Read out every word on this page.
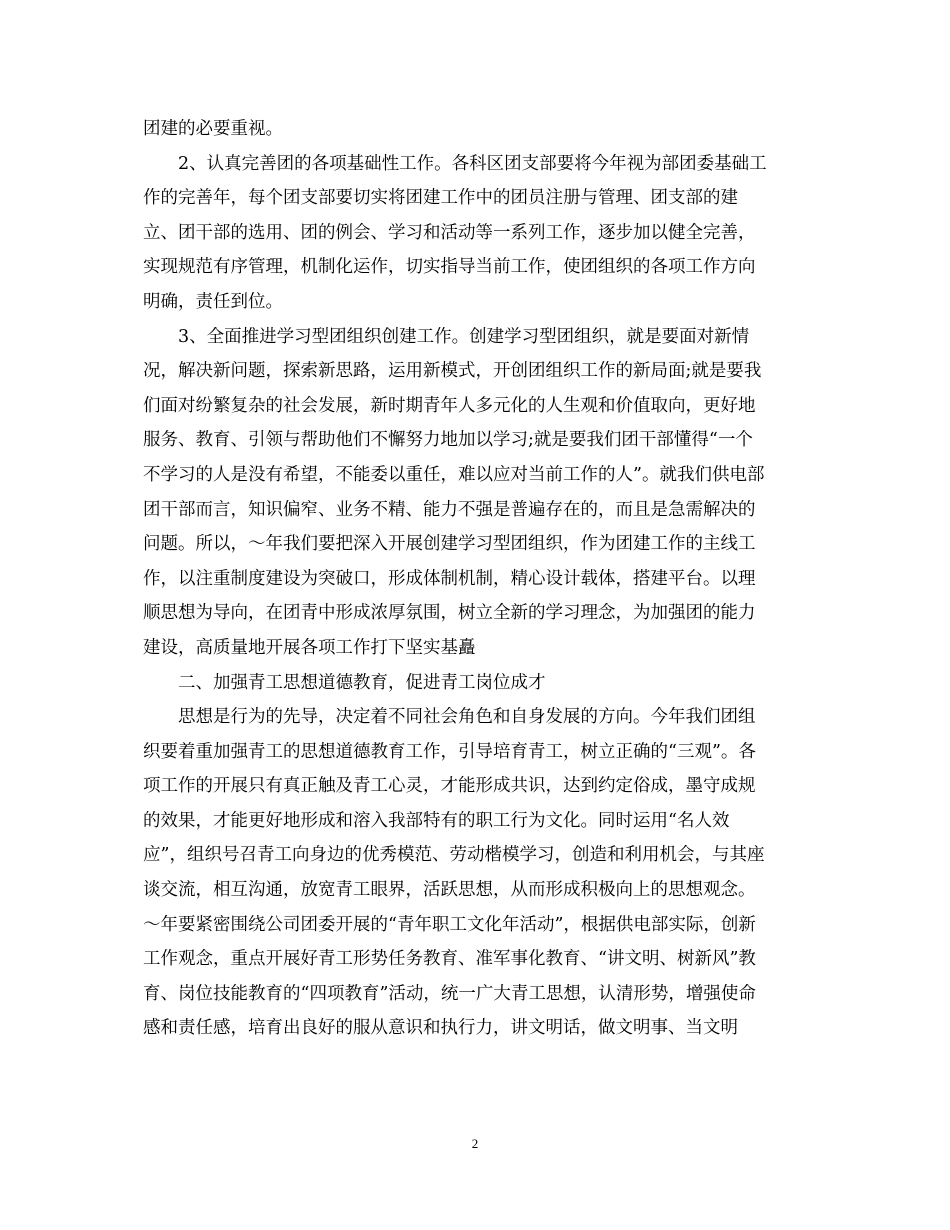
团建的必要重视。
2、认真完善团的各项基础性工作。各科区团支部要将今年视为部团委基础工
作的完善年，每个团支部要切实将团建工作中的团员注册与管理、团支部的建
立、团干部的选用、团的例会、学习和活动等一系列工作，逐步加以健全完善，
实现规范有序管理，机制化运作，切实指导当前工作，使团组织的各项工作方向
明确，责任到位。
3、全面推进学习型团组织创建工作。创建学习型团组织，就是要面对新情
况，解决新问题，探索新思路，运用新模式，开创团组织工作的新局面;就是要我
们面对纷繁复杂的社会发展，新时期青年人多元化的人生观和价值取向，更好地
服务、教育、引领与帮助他们不懈努力地加以学习;就是要我们团干部懂得“一个
不学习的人是没有希望，不能委以重任，难以应对当前工作的人”。就我们供电部
团干部而言，知识偏窄、业务不精、能力不强是普遍存在的，而且是急需解决的
问题。所以，～年我们要把深入开展创建学习型团组织，作为团建工作的主线工
作，以注重制度建设为突破口，形成体制机制，精心设计载体，搭建平台。以理
顺思想为导向，在团青中形成浓厚氛围，树立全新的学习理念，为加强团的能力
建设，高质量地开展各项工作打下坚实基矗
二、加强青工思想道德教育，促进青工岗位成才
思想是行为的先导，决定着不同社会角色和自身发展的方向。今年我们团组
织要着重加强青工的思想道德教育工作，引导培育青工，树立正确的“三观”。各
项工作的开展只有真正触及青工心灵，才能形成共识，达到约定俗成，墨守成规
的效果，才能更好地形成和溶入我部特有的职工行为文化。同时运用“名人效
应”，组织号召青工向身边的优秀模范、劳动楷模学习，创造和利用机会，与其座
谈交流，相互沟通，放宽青工眼界，活跃思想，从而形成积极向上的思想观念。
～年要紧密围绕公司团委开展的“青年职工文化年活动”，根据供电部实际，创新
工作观念，重点开展好青工形势任务教育、准军事化教育、“讲文明、树新风”教
育、岗位技能教育的“四项教育”活动，统一广大青工思想，认清形势，增强使命
感和责任感，培育出良好的服从意识和执行力，讲文明话，做文明事、当文明
2
